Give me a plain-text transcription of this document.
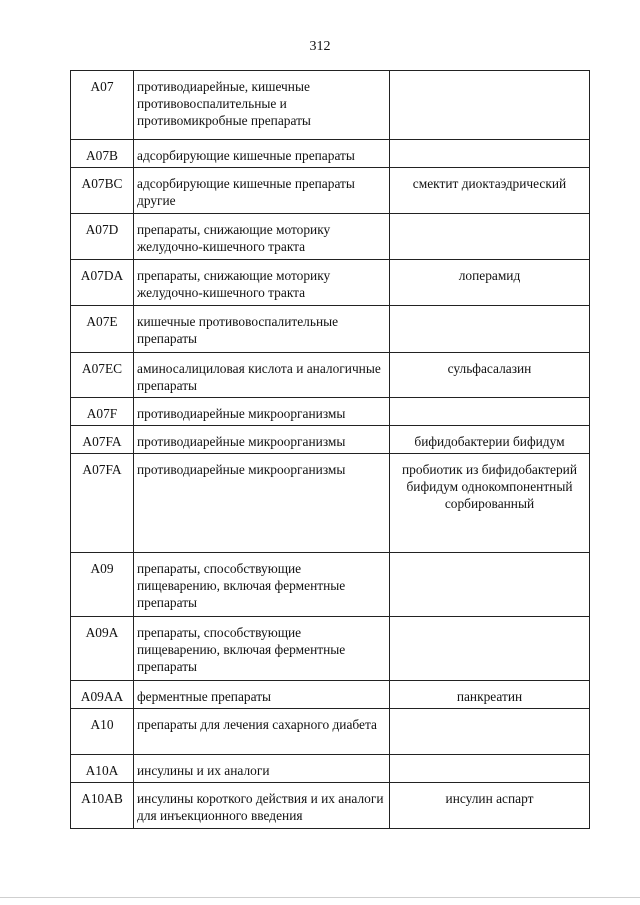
312
A07	противодиарейные, кишечные противовоспалительные и противомикробные препараты	
A07B	адсорбирующие кишечные препараты	
A07BC	адсорбирующие кишечные препараты другие	смектит диоктаэдрический
A07D	препараты, снижающие моторику желудочно-кишечного тракта	
A07DA	препараты, снижающие моторику желудочно-кишечного тракта	лоперамид
A07E	кишечные противовоспалительные препараты	
A07EC	аминосалициловая кислота и аналогичные препараты	сульфасалазин
A07F	противодиарейные микроорганизмы	
A07FA	противодиарейные микроорганизмы	бифидобактерии бифидум
A07FA	противодиарейные микроорганизмы	пробиотик из бифидобактерий бифидум однокомпонентный сорбированный
A09	препараты, способствующие пищеварению, включая ферментные препараты	
A09A	препараты, способствующие пищеварению, включая ферментные препараты	
A09AA	ферментные препараты	панкреатин
A10	препараты для лечения сахарного диабета	
A10A	инсулины и их аналоги	
A10AB	инсулины короткого действия и их аналоги для инъекционного введения	инсулин аспарт
